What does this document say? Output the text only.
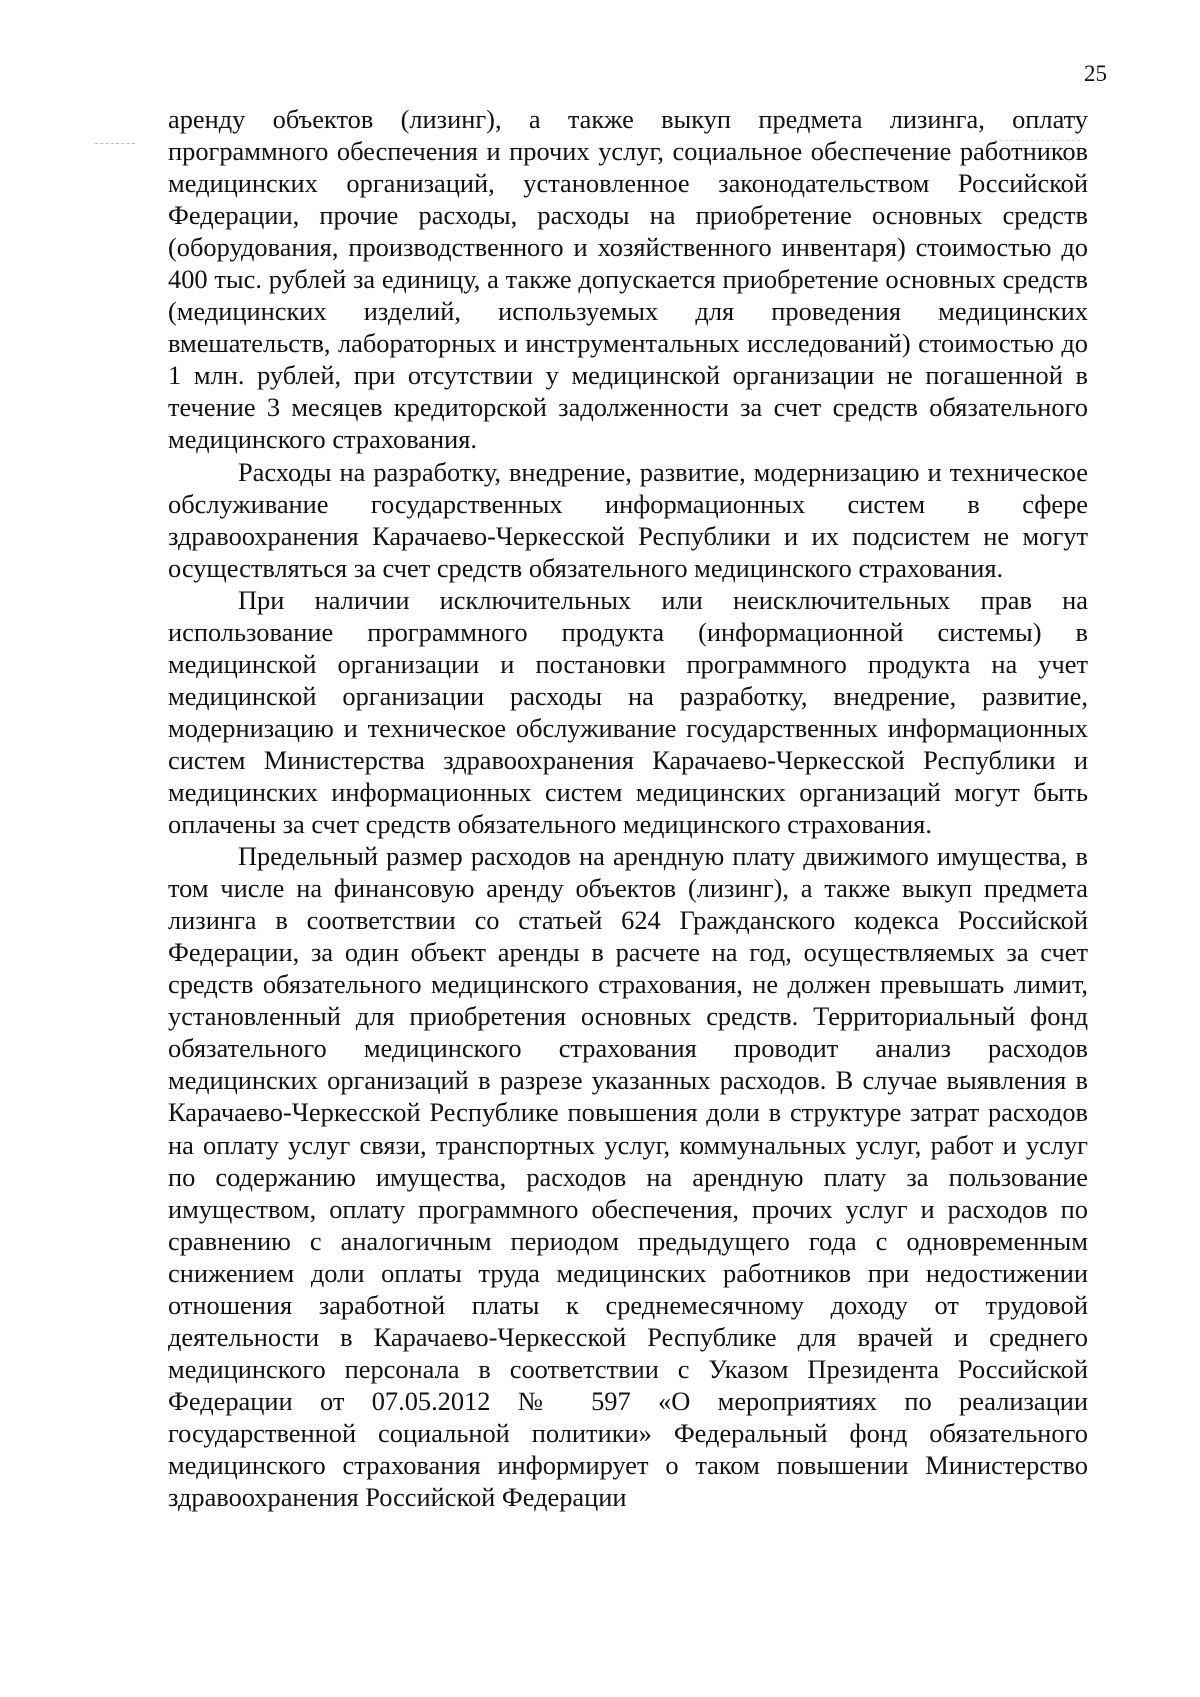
25

аренду объектов (лизинг), а также выкуп предмета лизинга, оплату программного обеспечения и прочих услуг, социальное обеспечение работников медицинских организаций, установленное законодательством Российской Федерации, прочие расходы, расходы на приобретение основных средств (оборудования, производственного и хозяйственного инвентаря) стоимостью до 400 тыс. рублей за единицу, а также допускается приобретение основных средств (медицинских изделий, используемых для проведения медицинских вмешательств, лабораторных и инструментальных исследований) стоимостью до 1 млн. рублей, при отсутствии у медицинской организации не погашенной в течение 3 месяцев кредиторской задолженности за счет средств обязательного медицинского страхования.

Расходы на разработку, внедрение, развитие, модернизацию и техническое обслуживание государственных информационных систем в сфере здравоохранения Карачаево-Черкесской Республики и их подсистем не могут осуществляться за счет средств обязательного медицинского страхования.

При наличии исключительных или неисключительных прав на использование программного продукта (информационной системы) в медицинской организации и постановки программного продукта на учет медицинской организации расходы на разработку, внедрение, развитие, модернизацию и техническое обслуживание государственных информационных систем Министерства здравоохранения Карачаево-Черкесской Республики и медицинских информационных систем медицинских организаций могут быть оплачены за счет средств обязательного медицинского страхования.

Предельный размер расходов на арендную плату движимого имущества, в том числе на финансовую аренду объектов (лизинг), а также выкуп предмета лизинга в соответствии со статьей 624 Гражданского кодекса Российской Федерации, за один объект аренды в расчете на год, осуществляемых за счет средств обязательного медицинского страхования, не должен превышать лимит, установленный для приобретения основных средств. Территориальный фонд обязательного медицинского страхования проводит анализ расходов медицинских организаций в разрезе указанных расходов. В случае выявления в Карачаево-Черкесской Республике повышения доли в структуре затрат расходов на оплату услуг связи, транспортных услуг, коммунальных услуг, работ и услуг по содержанию имущества, расходов на арендную плату за пользование имуществом, оплату программного обеспечения, прочих услуг и расходов по сравнению с аналогичным периодом предыдущего года с одновременным снижением доли оплаты труда медицинских работников при недостижении отношения заработной платы к среднемесячному доходу от трудовой деятельности в Карачаево-Черкесской Республике для врачей и среднего медицинского персонала в соответствии с Указом Президента Российской Федерации от 07.05.2012 № 597 «О мероприятиях по реализации государственной социальной политики» Федеральный фонд обязательного медицинского страхования информирует о таком повышении Министерство здравоохранения Российской Федерации
